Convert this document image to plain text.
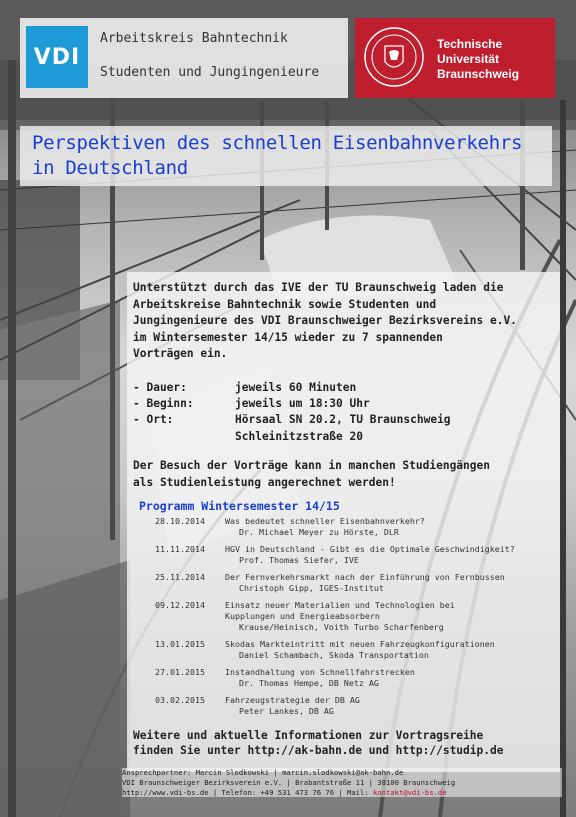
VDI
Arbeitskreis Bahntechnik
Studenten und Jungingenieure
Technische
Universität
Braunschweig
Perspektiven des schnellen Eisenbahnverkehrs
in Deutschland
Unterstützt durch das IVE der TU Braunschweig laden die
Arbeitskreise Bahntechnik sowie Studenten und
Jungingenieure des VDI Braunschweiger Bezirksvereins e.V.
im Wintersemester 14/15 wieder zu 7 spannenden
Vorträgen ein.
- Dauer:	jeweils 60 Minuten
- Beginn:	jeweils um 18:30 Uhr
- Ort:	Hörsaal SN 20.2, TU Braunschweig
Schleinitzstraße 20
Der Besuch der Vorträge kann in manchen Studiengängen
als Studienleistung angerechnet werden!
Programm Wintersemester 14/15
28.10.2014 Was bedeutet schneller Eisenbahnverkehr?
Dr. Michael Meyer zu Hörste, DLR
11.11.2014 HGV in Deutschland - Gibt es die Optimale Geschwindigkeit?
Prof. Thomas Siefer, IVE
25.11.2014 Der Fernverkehrsmarkt nach der Einführung von Fernbussen
Christoph Gipp, IGES-Institut
09.12.2014 Einsatz neuer Materialien und Technologien bei
Kupplungen und Energieabsorbern
Krause/Heinisch, Voith Turbo Scharfenberg
13.01.2015 Skodas Markteintritt mit neuen Fahrzeugkonfigurationen
Daniel Schambach, Skoda Transportation
27.01.2015 Instandhaltung von Schnellfahrstrecken
Dr. Thomas Hempe, DB Netz AG
03.02.2015 Fahrzeugstrategie der DB AG
Peter Lankes, DB AG
Weitere und aktuelle Informationen zur Vortragsreihe
finden Sie unter http://ak-bahn.de und http://studip.de
Ansprechpartner: Marcin Slodkowski | marcin.slodkowski@ak-bahn.de
VDI Braunschweiger Bezirksverein e.V. | Brabantstraße 11 | 38100 Braunschweig
http://www.vdi-bs.de | Telefon: +49 531 473 76 76 | Mail: kontakt@vdi-bs.de
